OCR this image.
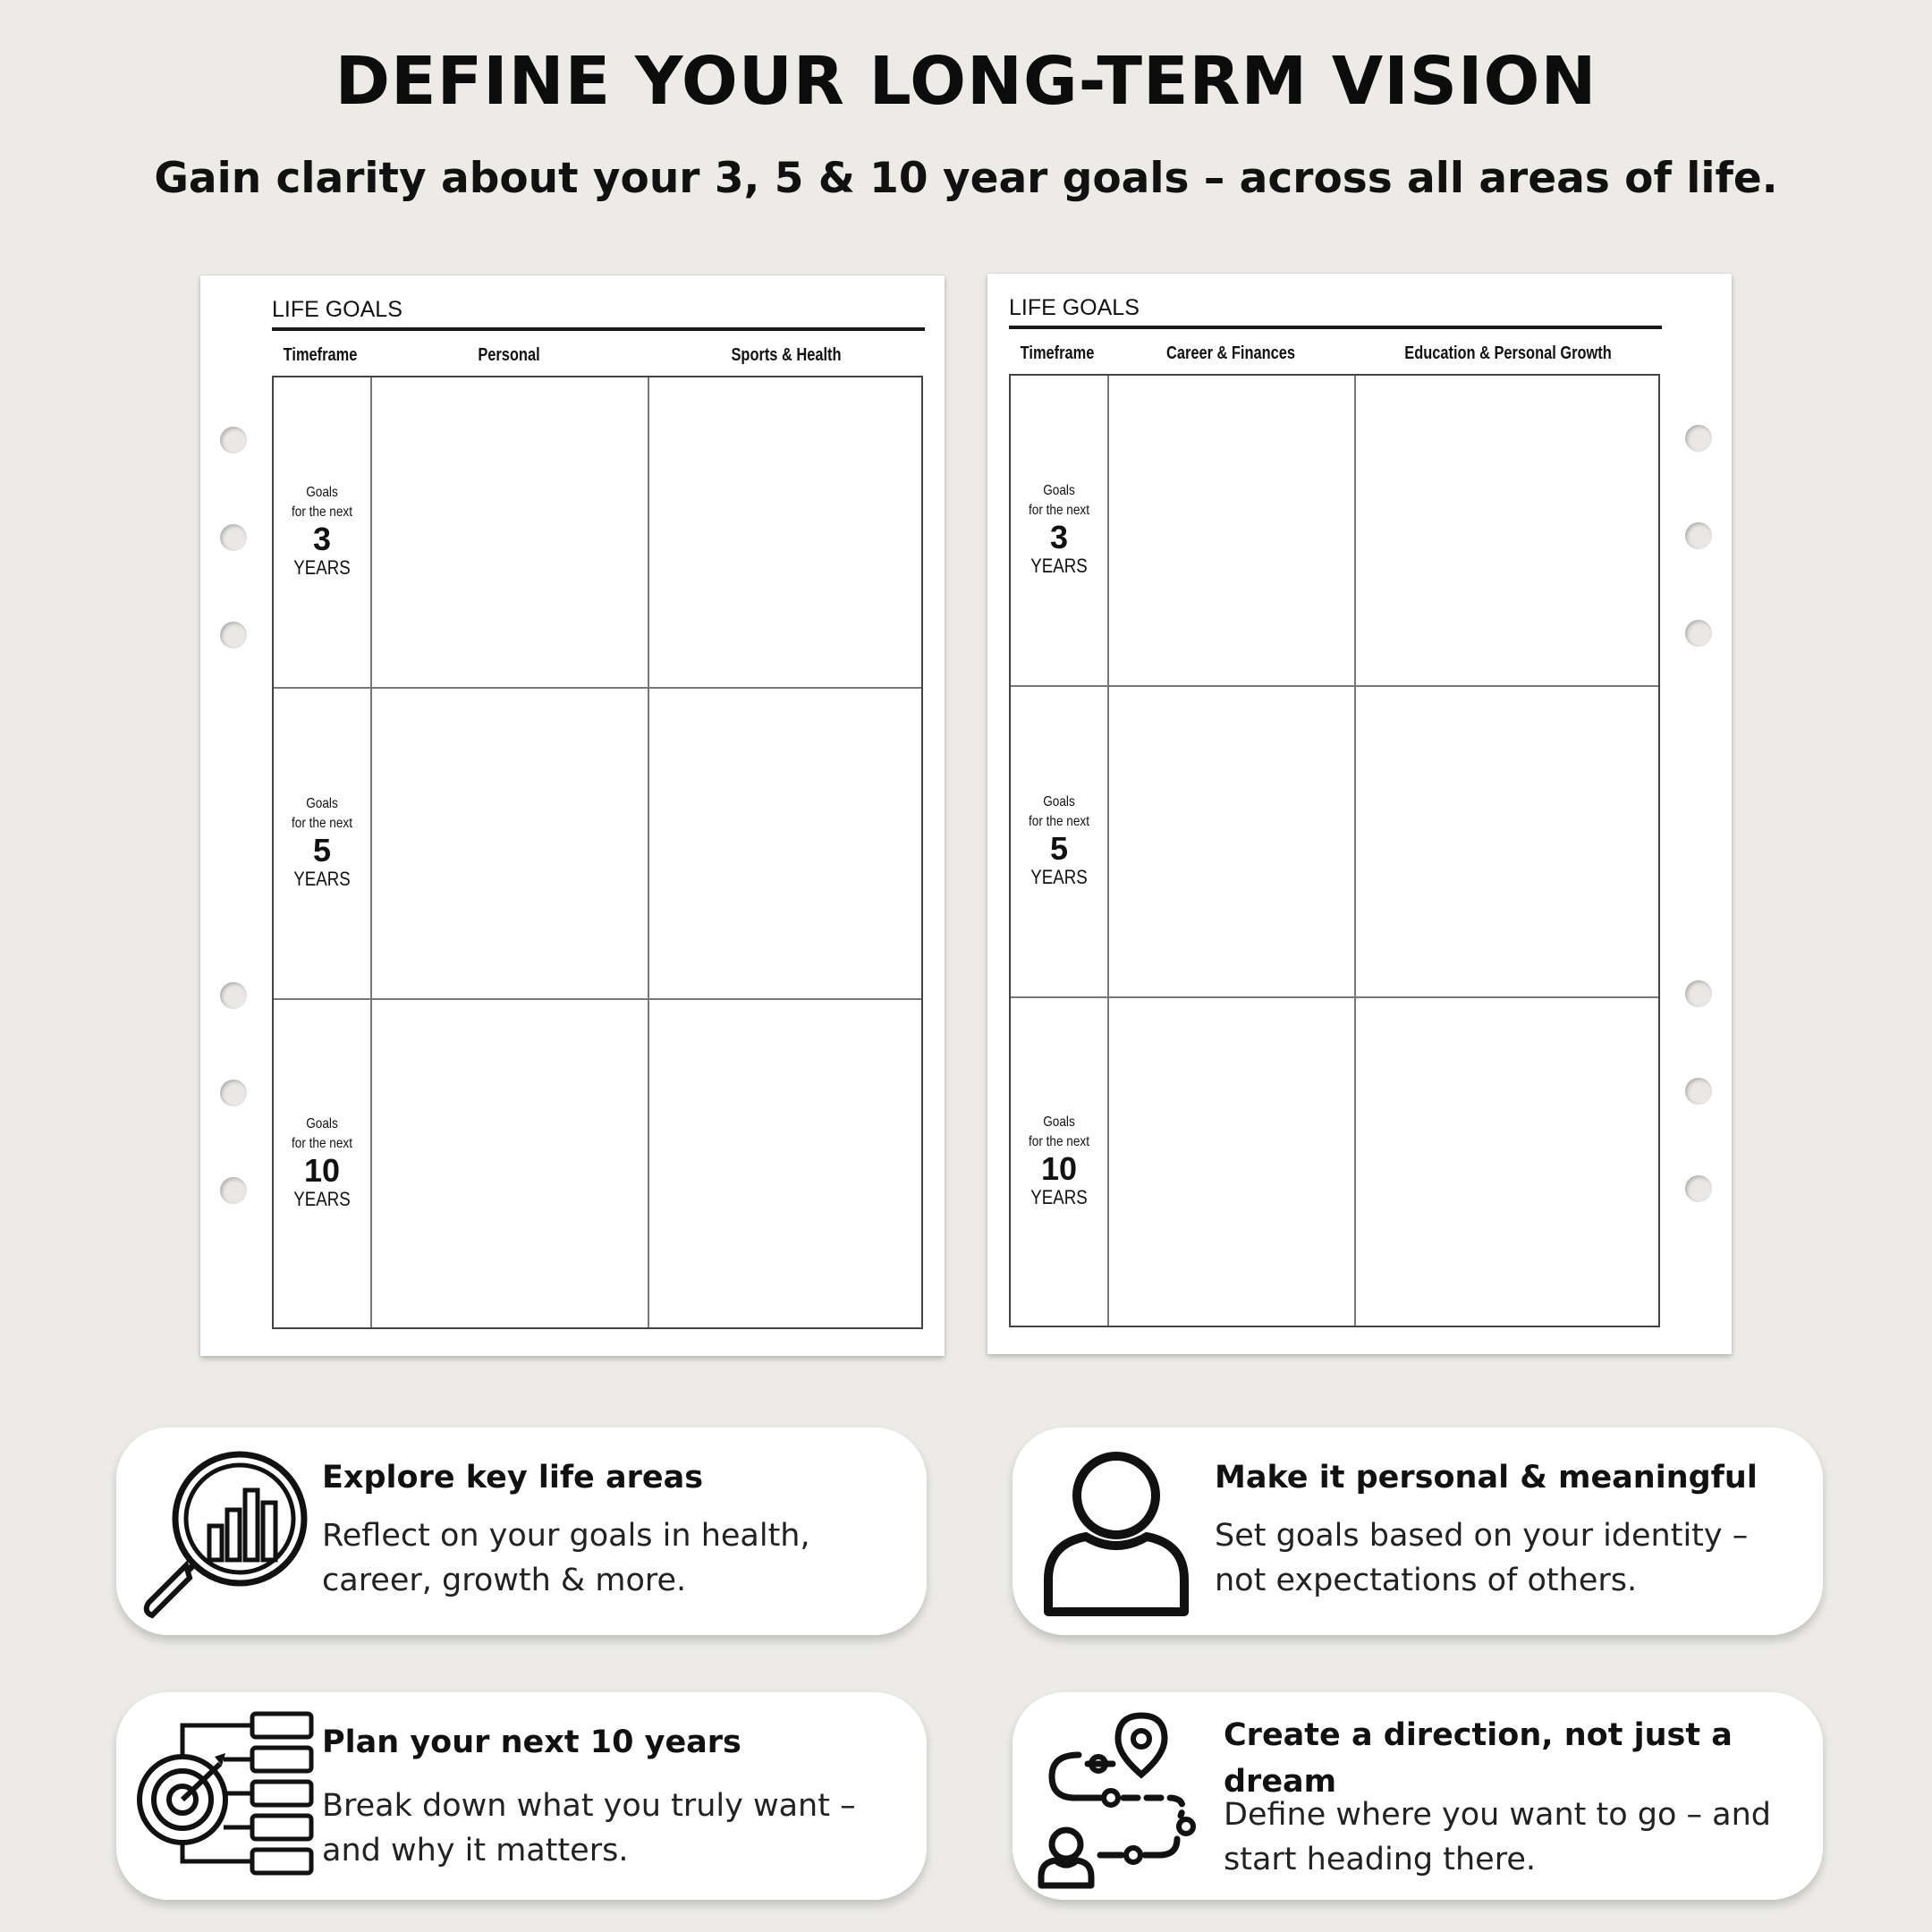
DEFINE YOUR LONG-TERM VISION
Gain clarity about your 3, 5 & 10 year goals – across all areas of life.
LIFE GOALS
Timeframe	Personal	Sports & Health
Goals
for the next
3
YEARS
Goals
for the next
5
YEARS
Goals
for the next
10
YEARS
LIFE GOALS
Timeframe	Career & Finances	Education & Personal Growth
Goals
for the next
3
YEARS
Goals
for the next
5
YEARS
Goals
for the next
10
YEARS
Explore key life areas
Reflect on your goals in health,
career, growth & more.
Make it personal & meaningful
Set goals based on your identity –
not expectations of others.
Plan your next 10 years
Break down what you truly want –
and why it matters.
Create a direction, not just a
dream
Define where you want to go – and
start heading there.
